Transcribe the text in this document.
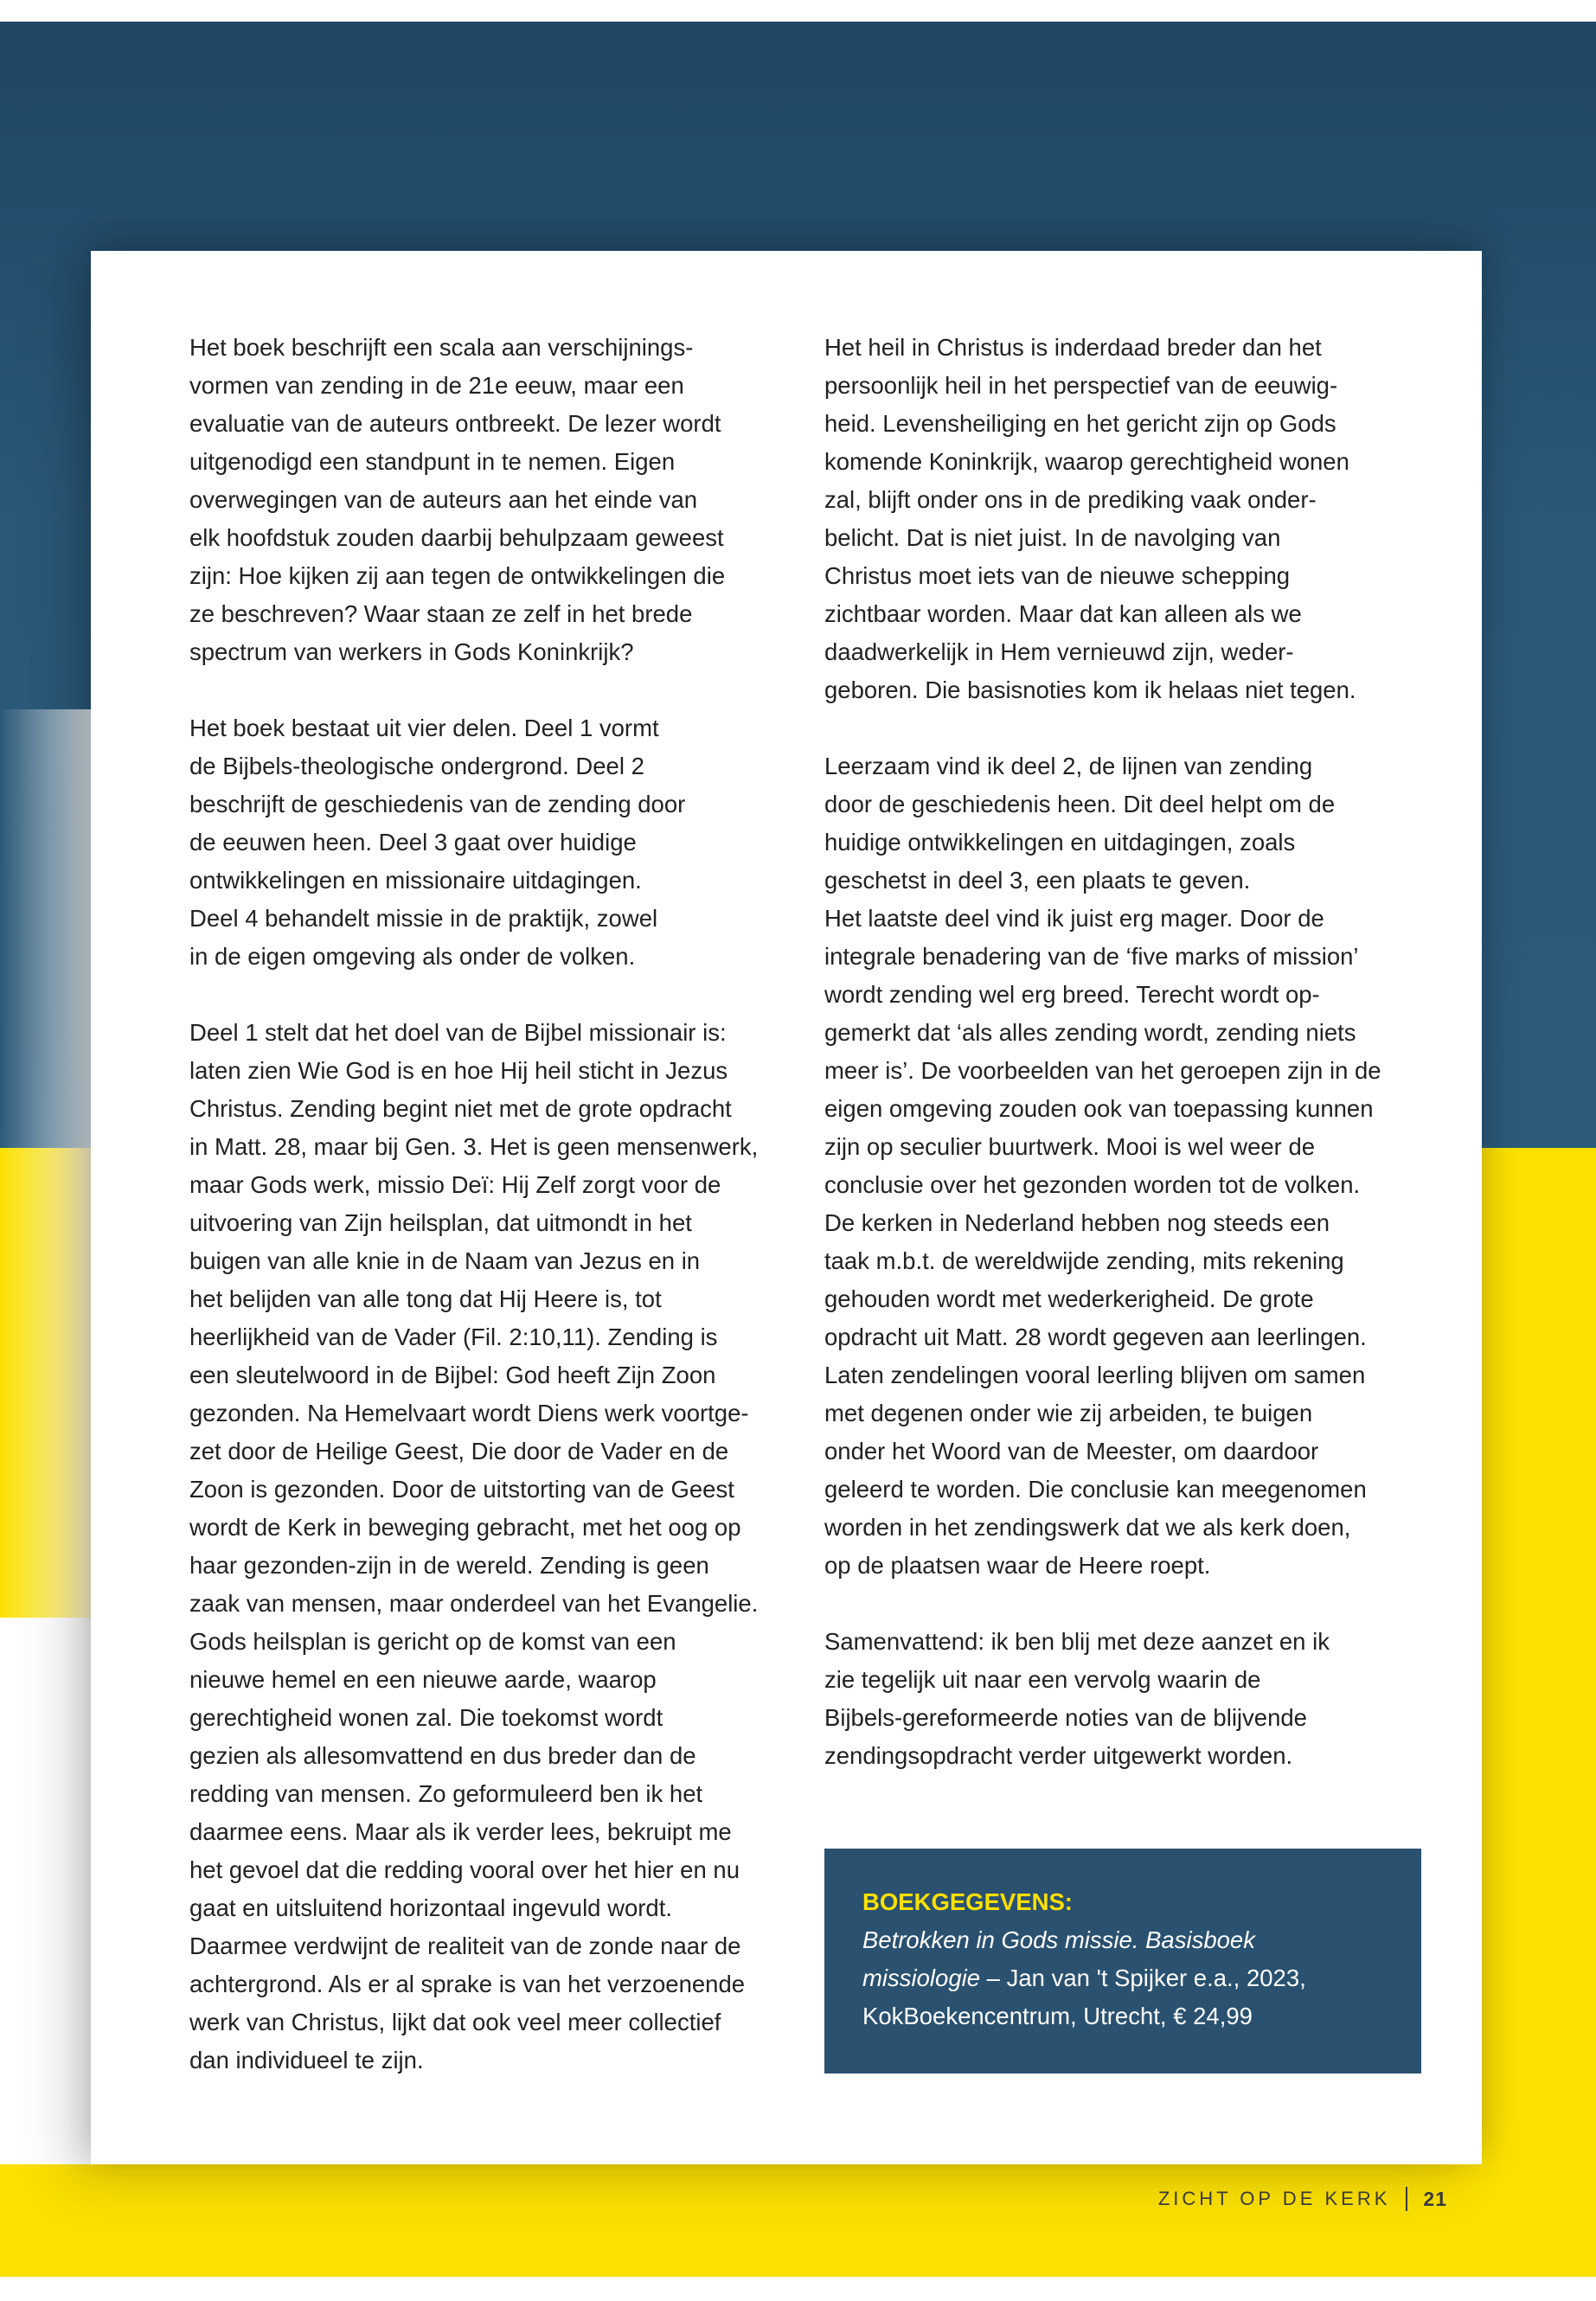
Het boek beschrijft een scala aan verschijnings-
vormen van zending in de 21e eeuw, maar een
evaluatie van de auteurs ontbreekt. De lezer wordt
uitgenodigd een standpunt in te nemen. Eigen
overwegingen van de auteurs aan het einde van
elk hoofdstuk zouden daarbij behulpzaam geweest
zijn: Hoe kijken zij aan tegen de ontwikkelingen die
ze beschreven? Waar staan ze zelf in het brede
spectrum van werkers in Gods Koninkrijk?

Het boek bestaat uit vier delen. Deel 1 vormt
de Bijbels-theologische ondergrond. Deel 2
beschrijft de geschiedenis van de zending door
de eeuwen heen. Deel 3 gaat over huidige
ontwikkelingen en missionaire uitdagingen.
Deel 4 behandelt missie in de praktijk, zowel
in de eigen omgeving als onder de volken.

Deel 1 stelt dat het doel van de Bijbel missionair is:
laten zien Wie God is en hoe Hij heil sticht in Jezus
Christus. Zending begint niet met de grote opdracht
in Matt. 28, maar bij Gen. 3. Het is geen mensenwerk,
maar Gods werk, missio Deï: Hij Zelf zorgt voor de
uitvoering van Zijn heilsplan, dat uitmondt in het
buigen van alle knie in de Naam van Jezus en in
het belijden van alle tong dat Hij Heere is, tot
heerlijkheid van de Vader (Fil. 2:10,11). Zending is
een sleutelwoord in de Bijbel: God heeft Zijn Zoon
gezonden. Na Hemelvaart wordt Diens werk voortge-
zet door de Heilige Geest, Die door de Vader en de
Zoon is gezonden. Door de uitstorting van de Geest
wordt de Kerk in beweging gebracht, met het oog op
haar gezonden-zijn in de wereld. Zending is geen
zaak van mensen, maar onderdeel van het Evangelie.
Gods heilsplan is gericht op de komst van een
nieuwe hemel en een nieuwe aarde, waarop
gerechtigheid wonen zal. Die toekomst wordt
gezien als allesomvattend en dus breder dan de
redding van mensen. Zo geformuleerd ben ik het
daarmee eens. Maar als ik verder lees, bekruipt me
het gevoel dat die redding vooral over het hier en nu
gaat en uitsluitend horizontaal ingevuld wordt.
Daarmee verdwijnt de realiteit van de zonde naar de
achtergrond. Als er al sprake is van het verzoenende
werk van Christus, lijkt dat ook veel meer collectief
dan individueel te zijn.

Het heil in Christus is inderdaad breder dan het
persoonlijk heil in het perspectief van de eeuwig-
heid. Levensheiliging en het gericht zijn op Gods
komende Koninkrijk, waarop gerechtigheid wonen
zal, blijft onder ons in de prediking vaak onder-
belicht. Dat is niet juist. In de navolging van
Christus moet iets van de nieuwe schepping
zichtbaar worden. Maar dat kan alleen als we
daadwerkelijk in Hem vernieuwd zijn, weder-
geboren. Die basisnoties kom ik helaas niet tegen.

Leerzaam vind ik deel 2, de lijnen van zending
door de geschiedenis heen. Dit deel helpt om de
huidige ontwikkelingen en uitdagingen, zoals
geschetst in deel 3, een plaats te geven.
Het laatste deel vind ik juist erg mager. Door de
integrale benadering van de ‘five marks of mission’
wordt zending wel erg breed. Terecht wordt op-
gemerkt dat ‘als alles zending wordt, zending niets
meer is’. De voorbeelden van het geroepen zijn in de
eigen omgeving zouden ook van toepassing kunnen
zijn op seculier buurtwerk. Mooi is wel weer de
conclusie over het gezonden worden tot de volken.
De kerken in Nederland hebben nog steeds een
taak m.b.t. de wereldwijde zending, mits rekening
gehouden wordt met wederkerigheid. De grote
opdracht uit Matt. 28 wordt gegeven aan leerlingen.
Laten zendelingen vooral leerling blijven om samen
met degenen onder wie zij arbeiden, te buigen
onder het Woord van de Meester, om daardoor
geleerd te worden. Die conclusie kan meegenomen
worden in het zendingswerk dat we als kerk doen,
op de plaatsen waar de Heere roept.

Samenvattend: ik ben blij met deze aanzet en ik
zie tegelijk uit naar een vervolg waarin de
Bijbels-gereformeerde noties van de blijvende
zendingsopdracht verder uitgewerkt worden.

BOEKGEGEVENS:
Betrokken in Gods missie. Basisboek
missiologie – Jan van 't Spijker e.a., 2023,
KokBoekencentrum, Utrecht, € 24,99
ZICHT OP DE KERK 21
